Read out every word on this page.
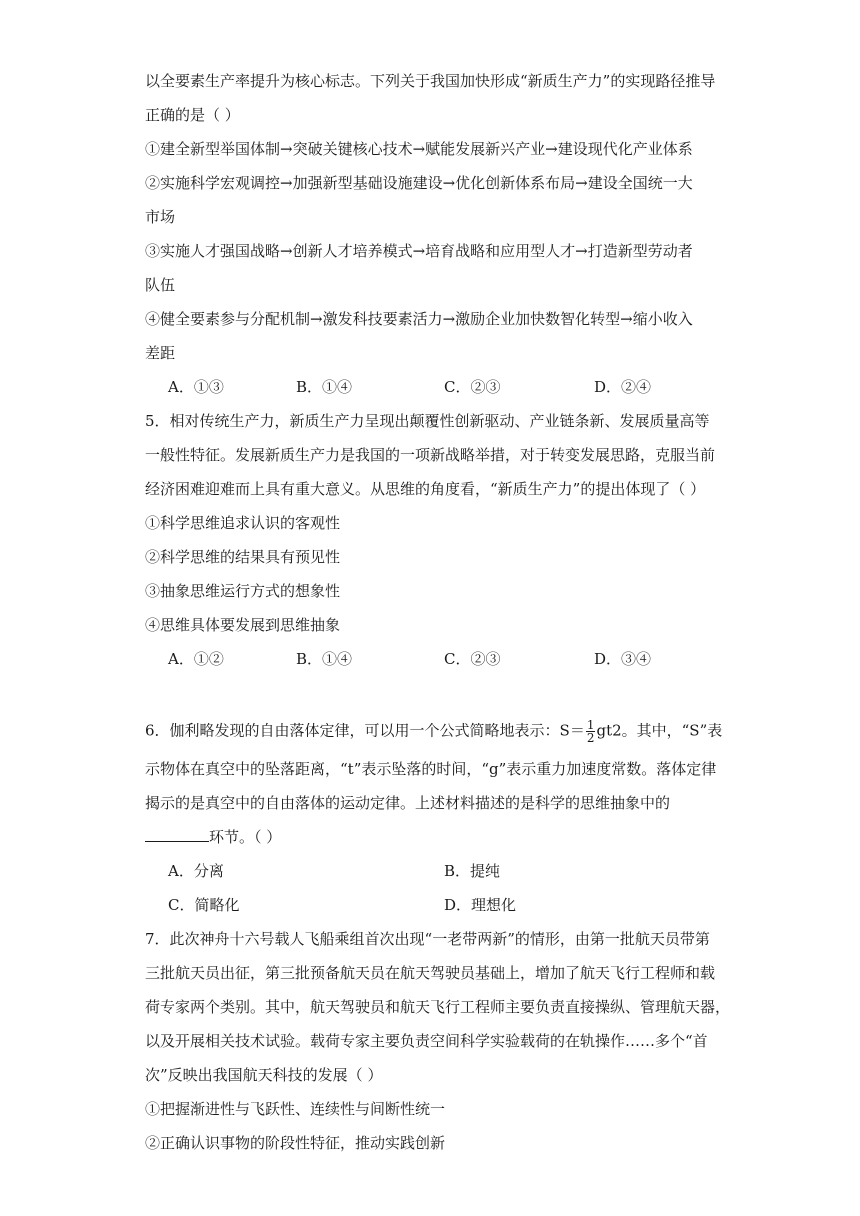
以全要素生产率提升为核心标志。下列关于我国加快形成“新质生产力”的实现路径推导
正确的是（ ）
①建全新型举国体制→突破关键核心技术→赋能发展新兴产业→建设现代化产业体系
②实施科学宏观调控→加强新型基础设施建设→优化创新体系布局→建设全国统一大
市场
③实施人才强国战略→创新人才培养模式→培育战略和应用型人才→打造新型劳动者
队伍
④健全要素参与分配机制→激发科技要素活力→激励企业加快数智化转型→缩小收入
差距
A．①③	B．①④	C．②③	D．②④
5．相对传统生产力，新质生产力呈现出颠覆性创新驱动、产业链条新、发展质量高等
一般性特征。发展新质生产力是我国的一项新战略举措，对于转变发展思路，克服当前
经济困难迎难而上具有重大意义。从思维的角度看，“新质生产力”的提出体现了（ ）
①科学思维追求认识的客观性
②科学思维的结果具有预见性
③抽象思维运行方式的想象性
④思维具体要发展到思维抽象
A．①②	B．①④	C．②③	D．③④
6．伽利略发现的自由落体定律，可以用一个公式简略地表示：$S= \frac{1}{2} gt2$。其中，“S”表
示物体在真空中的坠落距离，“t”表示坠落的时间，“g”表示重力加速度常数。落体定律
揭示的是真空中的自由落体的运动定律。上述材料描述的是科学的思维抽象中的
环节。（ ）
A．分离	B．提纯
C．简略化	D．理想化
7．此次神舟十六号载人飞船乘组首次出现“一老带两新”的情形，由第一批航天员带第
三批航天员出征，第三批预备航天员在航天驾驶员基础上，增加了航天飞行工程师和载
荷专家两个类别。其中，航天驾驶员和航天飞行工程师主要负责直接操纵、管理航天器，
以及开展相关技术试验。载荷专家主要负责空间科学实验载荷的在轨操作……多个“首
次”反映出我国航天科技的发展（ ）
①把握渐进性与飞跃性、连续性与间断性统一
②正确认识事物的阶段性特征，推动实践创新
